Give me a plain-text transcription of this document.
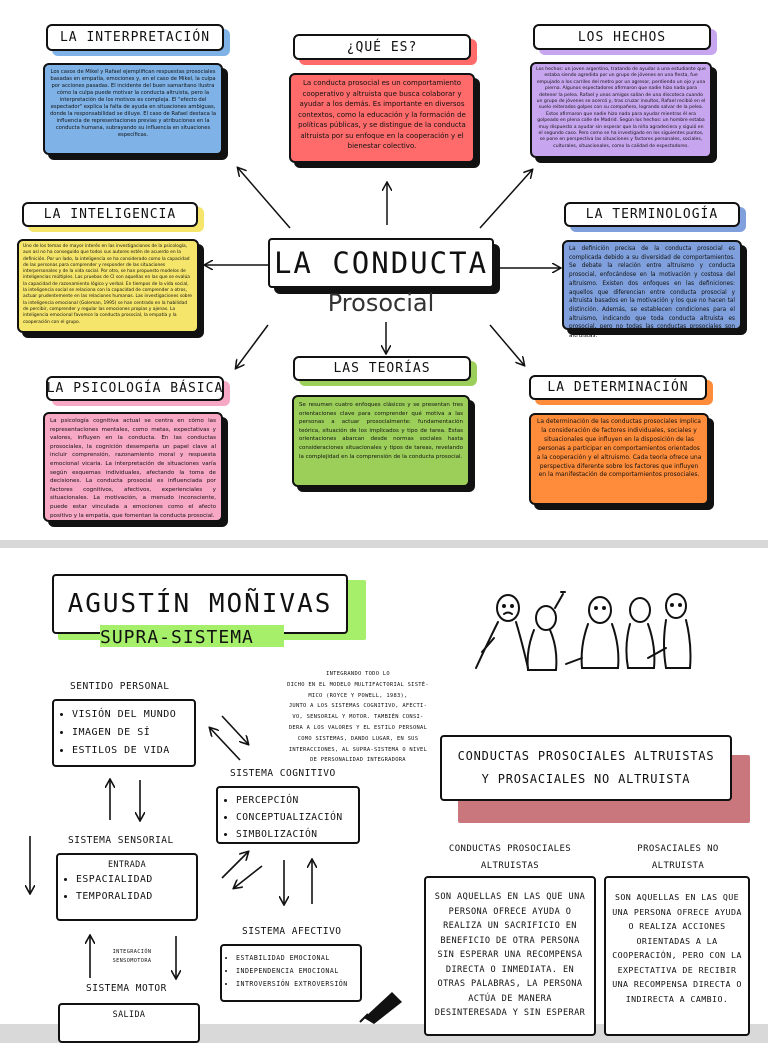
LA CONDUCTA
Prosocial
LA INTERPRETACIÓN

Los casos de Mikel y Rafael ejemplifican respuestas prosociales basadas en empatía, emociones y, en el caso de Mikel, la culpa por acciones pasadas. El incidente del buen samaritano ilustra cómo la culpa puede motivar la conducta altruista, pero la interpretación de los motivos es compleja. El "efecto del espectador" explica la falta de ayuda en situaciones ambiguas, donde la responsabilidad se diluye. El caso de Rafael destaca la influencia de representaciones previas y atribuciones en la conducta humana, subrayando su influencia en situaciones específicas.

¿QUÉ ES?

La conducta prosocial es un comportamiento cooperativo y altruista que busca colaborar y ayudar a los demás. Es importante en diversos contextos, como la educación y la formación de políticas públicas, y se distingue de la conducta altruista por su enfoque en la cooperación y el bienestar colectivo.

LOS HECHOS

Los hechos: un joven argentino, tratando de ayudar a una estudiante que estaba siendo agredida por un grupo de jóvenes en una fiesta, fue empujado a los carriles del metro por un agresor, perdiendo un ojo y una pierna. Algunos espectadores afirmaron que nadie hizo nada para detener la pelea. Rafael y unos amigos salían de una discoteca cuando un grupo de jóvenes se acercó y, tras cruzar insultos, Rafael recibió en el suelo reiterados golpes con su compañero, logrando salvar de la pelea. Estos afirmaron que nadie hizo nada para ayudar mientras él era golpeado en plena calle de Madrid. Según los hechos: un hombre estaba muy dispuesto a ayudar sin esperar que la niña agradeciera y siguió en el segundo caso. Pero como se ha investigado en los siguientes puntos, se pone en perspectiva las situaciones y factores personales, sociales, culturales, situacionales, como la calidad de espectadores.

LA INTELIGENCIA

Uno de los temas de mayor interés en las investigaciones de la psicología, aun así no ha conseguido que todos sus autores estén de acuerdo en la definición. Por un lado, la inteligencia se ha considerado como la capacidad de las personas para comprender y responder de las situaciones interpersonales y de la vida social. Por otro, se han propuesto modelos de inteligencias múltiples. Las pruebas de CI son aquellas en las que se evalúa la capacidad de razonamiento lógico y verbal. En tiempos de la vida social, la inteligencia social se relaciona con la capacidad de comprender a otros, actuar prudentemente en las relaciones humanas. Las investigaciones sobre la inteligencia emocional (Goleman, 1995) se han centrado en la habilidad de percibir, comprender y regular las emociones propias y ajenas. La inteligencia emocional favorece la conducta prosocial, la empatía y la cooperación con el grupo.

LA TERMINOLOGÍA

La definición precisa de la conducta prosocial es complicada debido a su diversidad de comportamientos. Se debate la relación entre altruismo y conducta prosocial, enfocándose en la motivación y costosa del altruismo. Existen dos enfoques en las definiciones: aquellos que diferencian entre conducta prosocial y altruista basados en la motivación y los que no hacen tal distinción. Además, se establecen condiciones para el altruismo, indicando que toda conducta altruista es prosocial, pero no todas las conductas prosociales son altruistas.

LA PSICOLOGÍA BÁSICA

La psicología cognitiva actual se centra en cómo las representaciones mentales, como metas, expectativas y valores, influyen en la conducta. En las conductas prosociales, la cognición desempeña un papel clave al incluir comprensión, razonamiento moral y respuesta emocional vicaria. La interpretación de situaciones varía según esquemas individuales, afectando la toma de decisiones. La conducta prosocial es influenciada por factores cognitivos, afectivos, experienciales y situacionales. La motivación, a menudo inconsciente, puede estar vinculada a emociones como el afecto positivo y la empatía, que fomentan la conducta prosocial.

LAS TEORÍAS

Se resumen cuatro enfoques clásicos y se presentan tres orientaciones clave para comprender qué motiva a las personas a actuar prosocialmente: fundamentación teórica, situación de los implicados y tipo de tarea. Estas orientaciones abarcan desde normas sociales hasta consideraciones situacionales y tipos de tareas, revelando la complejidad en la comprensión de la conducta prosocial.

LA DETERMINACIÓN

La determinación de las conductas prosociales implica la consideración de factores individuales, sociales y situacionales que influyen en la disposición de las personas a participar en comportamientos orientados a la cooperación y el altruismo. Cada teoría ofrece una perspectiva diferente sobre los factores que influyen en la manifestación de comportamientos prosociales.

AGUSTÍN MOÑIVAS
SUPRA-SISTEMA
INTEGRANDO TODO LO
DICHO EN EL MODELO MULTIFACTORIAL SISTÉ-
MICO (ROYCE Y POWELL, 1983),
JUNTO A LOS SISTEMAS COGNITIVO, AFECTI-
VO, SENSORIAL Y MOTOR. TAMBIÉN CONSI-
DERA A LOS VALORES Y EL ESTILO PERSONAL
COMO SISTEMAS, DANDO LUGAR, EN SUS
INTERACCIONES, AL SUPRA-SISTEMA O NIVEL
DE PERSONALIDAD INTEGRADORA
SENTIDO PERSONAL
• VISIÓN DEL MUNDO
• IMAGEN DE SÍ
• ESTILOS DE VIDA
SISTEMA COGNITIVO
• PERCEPCIÓN
• CONCEPTUALIZACIÓN
• SIMBOLIZACIÓN
SISTEMA SENSORIAL
ENTRADA
• ESPACIALIDAD
• TEMPORALIDAD
INTEGRACIÓN
SENSOMOTORA
SISTEMA AFECTIVO
• ESTABILIDAD EMOCIONAL
• INDEPENDENCIA EMOCIONAL
• INTROVERSIÓN EXTROVERSIÓN
SISTEMA MOTOR
SALIDA
CONDUCTAS PROSOCIALES ALTRUISTAS Y PROSACIALES NO ALTRUISTA
CONDUCTAS PROSOCIALES ALTRUISTAS
SON AQUELLAS EN LAS QUE UNA PERSONA OFRECE AYUDA O REALIZA UN SACRIFICIO EN BENEFICIO DE OTRA PERSONA SIN ESPERAR UNA RECOMPENSA DIRECTA O INMEDIATA. EN OTRAS PALABRAS, LA PERSONA ACTÚA DE MANERA DESINTERESADA Y SIN ESPERAR
PROSACIALES NO ALTRUISTA
SON AQUELLAS EN LAS QUE UNA PERSONA OFRECE AYUDA O REALIZA ACCIONES ORIENTADAS A LA COOPERACIÓN, PERO CON LA EXPECTATIVA DE RECIBIR UNA RECOMPENSA DIRECTA O INDIRECTA A CAMBIO.
